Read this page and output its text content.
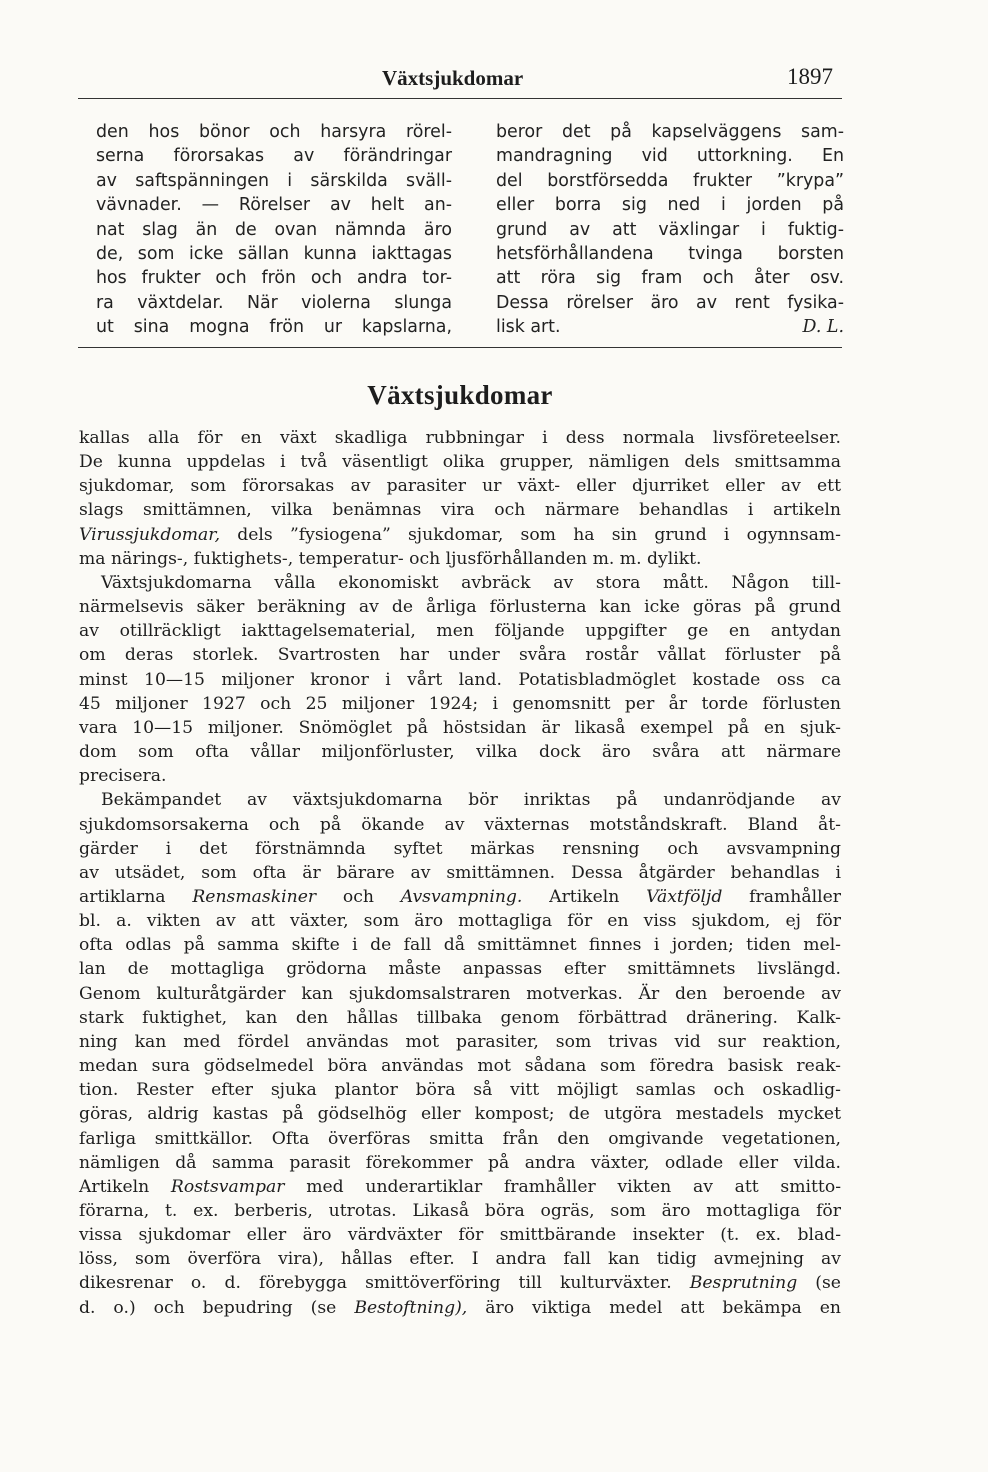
Växtsjukdomar	1897
den hos bönor och harsyra rörel-
serna förorsakas av förändringar
av saftspänningen i särskilda sväll-
vävnader. — Rörelser av helt an-
nat slag än de ovan nämnda äro
de, som icke sällan kunna iakttagas
hos frukter och frön och andra tor-
ra växtdelar. När violerna slunga
ut sina mogna frön ur kapslarna,
beror det på kapselväggens sam-
mandragning vid uttorkning. En
del borstförsedda frukter ”krypa”
eller borra sig ned i jorden på
grund av att växlingar i fuktig-
hetsförhållandena tvinga borsten
att röra sig fram och åter osv.
Dessa rörelser äro av rent fysika-
lisk art.	D. L.
Växtsjukdomar
kallas alla för en växt skadliga rubbningar i dess normala livsföreteelser.
De kunna uppdelas i två väsentligt olika grupper, nämligen dels smittsamma
sjukdomar, som förorsakas av parasiter ur växt- eller djurriket eller av ett
slags smittämnen, vilka benämnas vira och närmare behandlas i artikeln
Virussjukdomar, dels ”fysiogena” sjukdomar, som ha sin grund i ogynnsam-
ma närings-, fuktighets-, temperatur- och ljusförhållanden m. m. dylikt.
Växtsjukdomarna vålla ekonomiskt avbräck av stora mått. Någon till-
närmelsevis säker beräkning av de årliga förlusterna kan icke göras på grund
av otillräckligt iakttagelsematerial, men följande uppgifter ge en antydan
om deras storlek. Svartrosten har under svåra rostår vållat förluster på
minst 10—15 miljoner kronor i vårt land. Potatisbladmöglet kostade oss ca
45 miljoner 1927 och 25 miljoner 1924; i genomsnitt per år torde förlusten
vara 10—15 miljoner. Snömöglet på höstsidan är likaså exempel på en sjuk-
dom som ofta vållar miljonförluster, vilka dock äro svåra att närmare
precisera.
Bekämpandet av växtsjukdomarna bör inriktas på undanrödjande av
sjukdomsorsakerna och på ökande av växternas motståndskraft. Bland åt-
gärder i det förstnämnda syftet märkas rensning och avsvampning
av utsädet, som ofta är bärare av smittämnen. Dessa åtgärder behandlas i
artiklarna Rensmaskiner och Avsvampning. Artikeln Växtföljd framhåller
bl. a. vikten av att växter, som äro mottagliga för en viss sjukdom, ej för
ofta odlas på samma skifte i de fall då smittämnet finnes i jorden; tiden mel-
lan de mottagliga grödorna måste anpassas efter smittämnets livslängd.
Genom kulturåtgärder kan sjukdomsalstraren motverkas. Är den beroende av
stark fuktighet, kan den hållas tillbaka genom förbättrad dränering. Kalk-
ning kan med fördel användas mot parasiter, som trivas vid sur reaktion,
medan sura gödselmedel böra användas mot sådana som föredra basisk reak-
tion. Rester efter sjuka plantor böra så vitt möjligt samlas och oskadlig-
göras, aldrig kastas på gödselhög eller kompost; de utgöra mestadels mycket
farliga smittkällor. Ofta överföras smitta från den omgivande vegetationen,
nämligen då samma parasit förekommer på andra växter, odlade eller vilda.
Artikeln Rostsvampar med underartiklar framhåller vikten av att smitto-
förarna, t. ex. berberis, utrotas. Likaså böra ogräs, som äro mottagliga för
vissa sjukdomar eller äro värdväxter för smittbärande insekter (t. ex. blad-
löss, som överföra vira), hållas efter. I andra fall kan tidig avmejning av
dikesrenar o. d. förebygga smittöverföring till kulturväxter. Besprutning (se
d. o.) och bepudring (se Bestoftning), äro viktiga medel att bekämpa en
